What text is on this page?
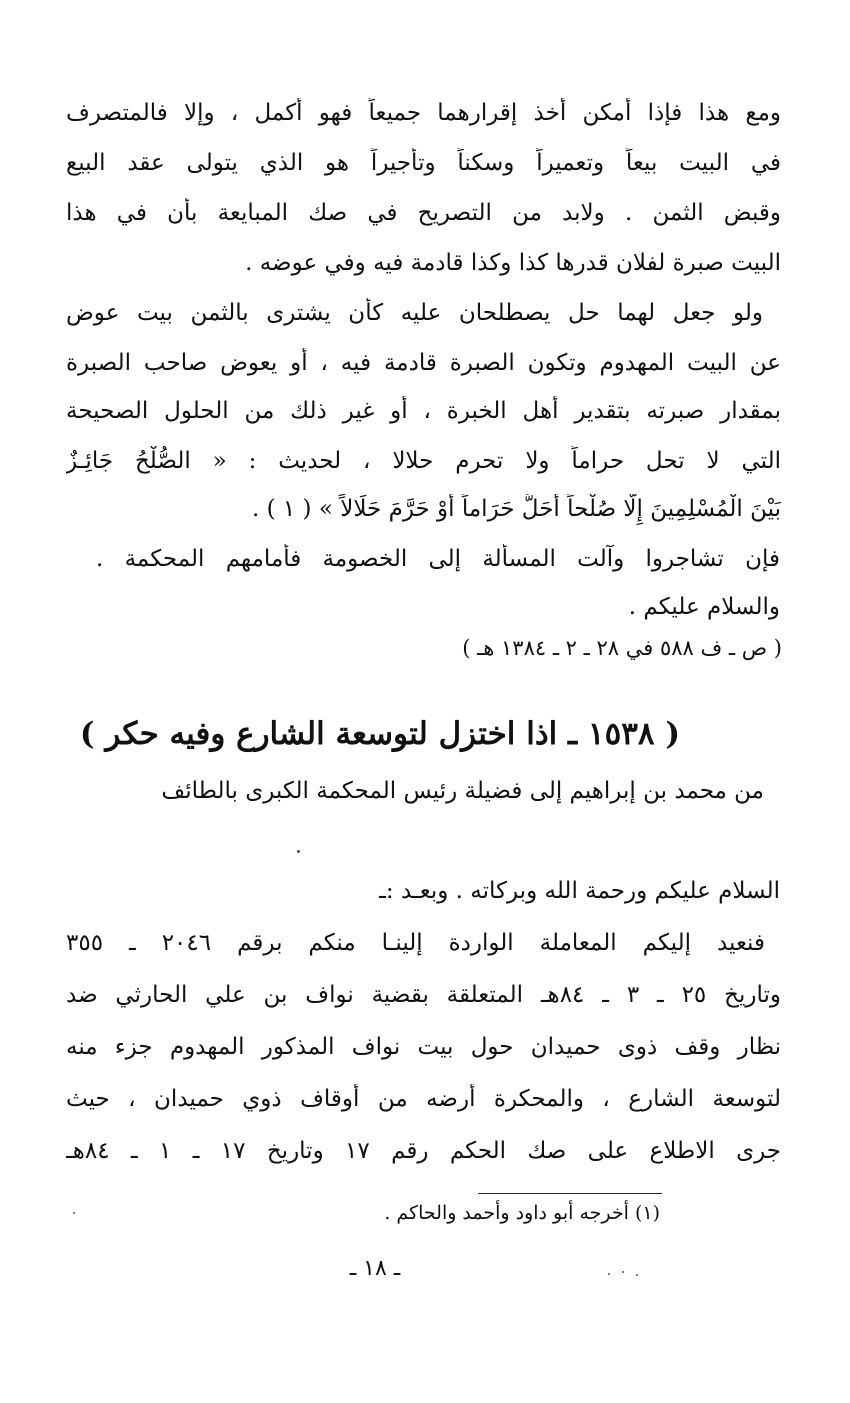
ومع هذا فإذا أمكن أخذ إقرارهما جميعاً فهو أكمل ، وإلا فالمتصرف
في البيت بيعاً وتعميراً وسكناً وتأجيراً هو الذي يتولى عقد البيع
وقبض الثمن . ولابد من التصريح في صك المبايعة بأن في هذا
البيت صبرة لفلان قدرها كذا وكذا قادمة فيه وفي عوضه .
ولو جعل لهما حل يصطلحان عليه كأن يشترى بالثمن بيت عوض
عن البيت المهدوم وتكون الصبرة قادمة فيه ، أو يعوض صاحب الصبرة
بمقدار صبرته بتقدير أهل الخبرة ، أو غير ذلك من الحلول الصحيحة
التي لا تحل حراماً ولا تحرم حلالا ، لحديث : « الصُّلْحُ جَائِـزٌ
بَيْنَ الْمُسْلِمِينَ إِلَّا صُلْحاً أَحَلَّ حَرَاماً أَوْ حَرَّمَ حَلَالاً » ( ١ ) .
فإن تشاجروا وآلت المسألة إلى الخصومة فأمامهم المحكمة .
والسلام عليكم .
( ص ـ ف ٥٨٨ في ٢٨ ـ ٢ ـ ١٣٨٤ هـ )
( ١٥٣٨ ـ اذا اختزل لتوسعة الشارع وفيه حكر )
من محمد بن إبراهيم إلى فضيلة رئيس المحكمة الكبرى بالطائف
السلام عليكم ورحمة الله وبركاته . وبعـد :ـ
فنعيد إليكم المعاملة الواردة إلينـا منكم برقم ٢٠٤٦ ـ ٣٥٥
وتاريخ ٢٥ ـ ٣ ـ ٨٤هـ المتعلقة بقضية نواف بن علي الحارثي ضد
نظار وقف ذوى حميدان حول بيت نواف المذكور المهدوم جزء منه
لتوسعة الشارع ، والمحكرة أرضه من أوقاف ذوي حميدان ، حيث
جرى الاطلاع على صك الحكم رقم ١٧ وتاريخ ١٧ ـ ١ ـ ٨٤هـ
(١) أخرجه أبو داود وأحمد والحاكم .
ـ ١٨ ـ
